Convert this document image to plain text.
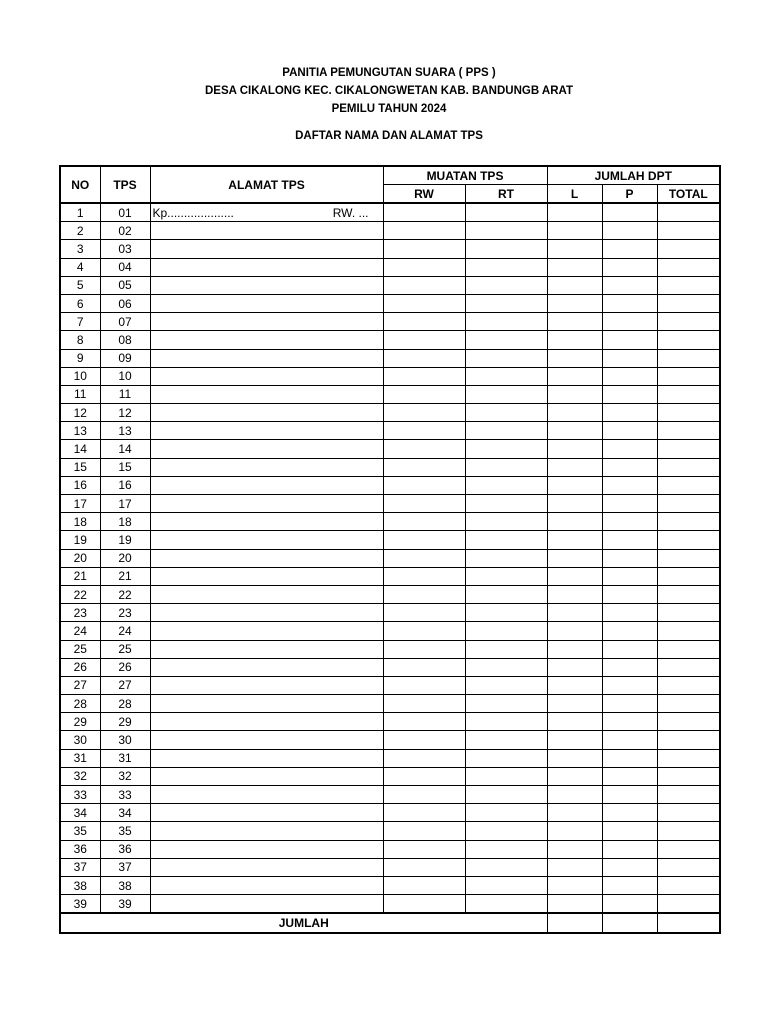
PANITIA PEMUNGUTAN SUARA ( PPS )
DESA CIKALONG KEC. CIKALONGWETAN KAB. BANDUNGB ARAT
PEMILU TAHUN 2024
DAFTAR NAMA DAN ALAMAT TPS
NO	TPS	ALAMAT TPS	MUATAN TPS		JUMLAH DPT		
			RW	RT	L	P	TOTAL
1	01	Kp.................... RW. ...					

2	02						
3	03						
4	04						
5	05						
6	06						
7	07						
8	08						
9	09						
10	10						
11	11						
12	12						
13	13						
14	14						
15	15						
16	16						
17	17						
18	18						
19	19						
20	20						
21	21						
22	22						
23	23						
24	24						
25	25						
26	26						
27	27						
28	28						
29	29						
30	30						
31	31						
32	32						
33	33						
34	34						
35	35						
36	36						
37	37						
38	38						
39	39						
JUMLAH							
